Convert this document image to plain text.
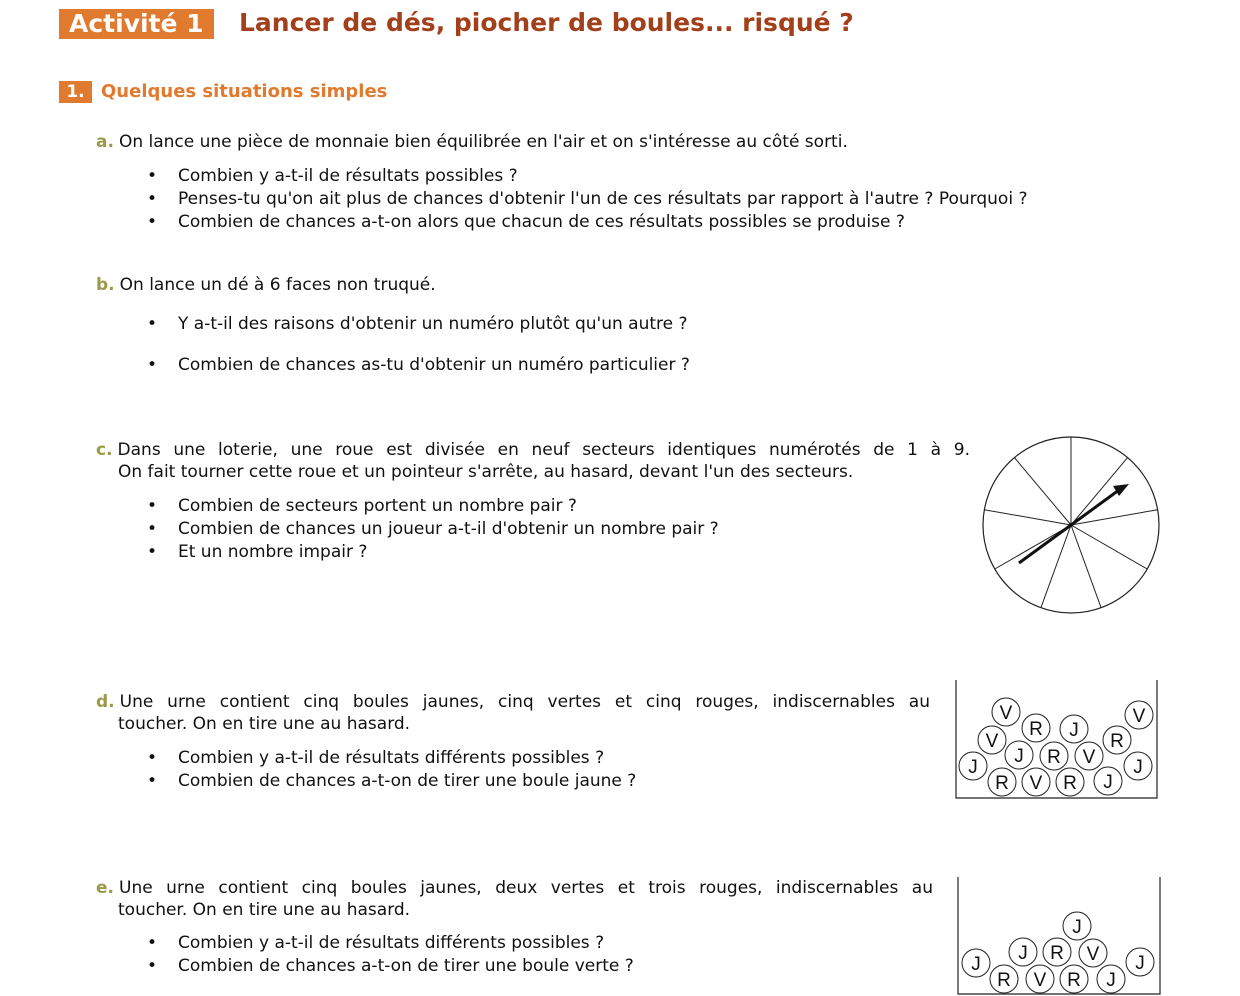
Activité 1	Lancer de dés, piocher de boules... risqué ?
1. Quelques situations simples
a. On lance une pièce de monnaie bien équilibrée en l'air et on s'intéresse au côté sorti.
• Combien y a-t-il de résultats possibles ?
• Penses-tu qu'on ait plus de chances d'obtenir l'un de ces résultats par rapport à l'autre ? Pourquoi ?
• Combien de chances a-t-on alors que chacun de ces résultats possibles se produise ?
b. On lance un dé à 6 faces non truqué.
• Y a-t-il des raisons d'obtenir un numéro plutôt qu'un autre ?
• Combien de chances as-tu d'obtenir un numéro particulier ?
c. Dans une loterie, une roue est divisée en neuf secteurs identiques numérotés de 1 à 9.
On fait tourner cette roue et un pointeur s'arrête, au hasard, devant l'un des secteurs.
• Combien de secteurs portent un nombre pair ?
• Combien de chances un joueur a-t-il d'obtenir un nombre pair ?
• Et un nombre impair ?
d. Une urne contient cinq boules jaunes, cinq vertes et cinq rouges, indiscernables au
toucher. On en tire une au hasard.
• Combien y a-t-il de résultats différents possibles ?
• Combien de chances a-t-on de tirer une boule jaune ?
V	V
R J
V	R
J R V
J	J
R V R J
e. Une urne contient cinq boules jaunes, deux vertes et trois rouges, indiscernables au
toucher. On en tire une au hasard.
• Combien y a-t-il de résultats différents possibles ?
• Combien de chances a-t-on de tirer une boule verte ?
J
J R V
J	J
R V R J
